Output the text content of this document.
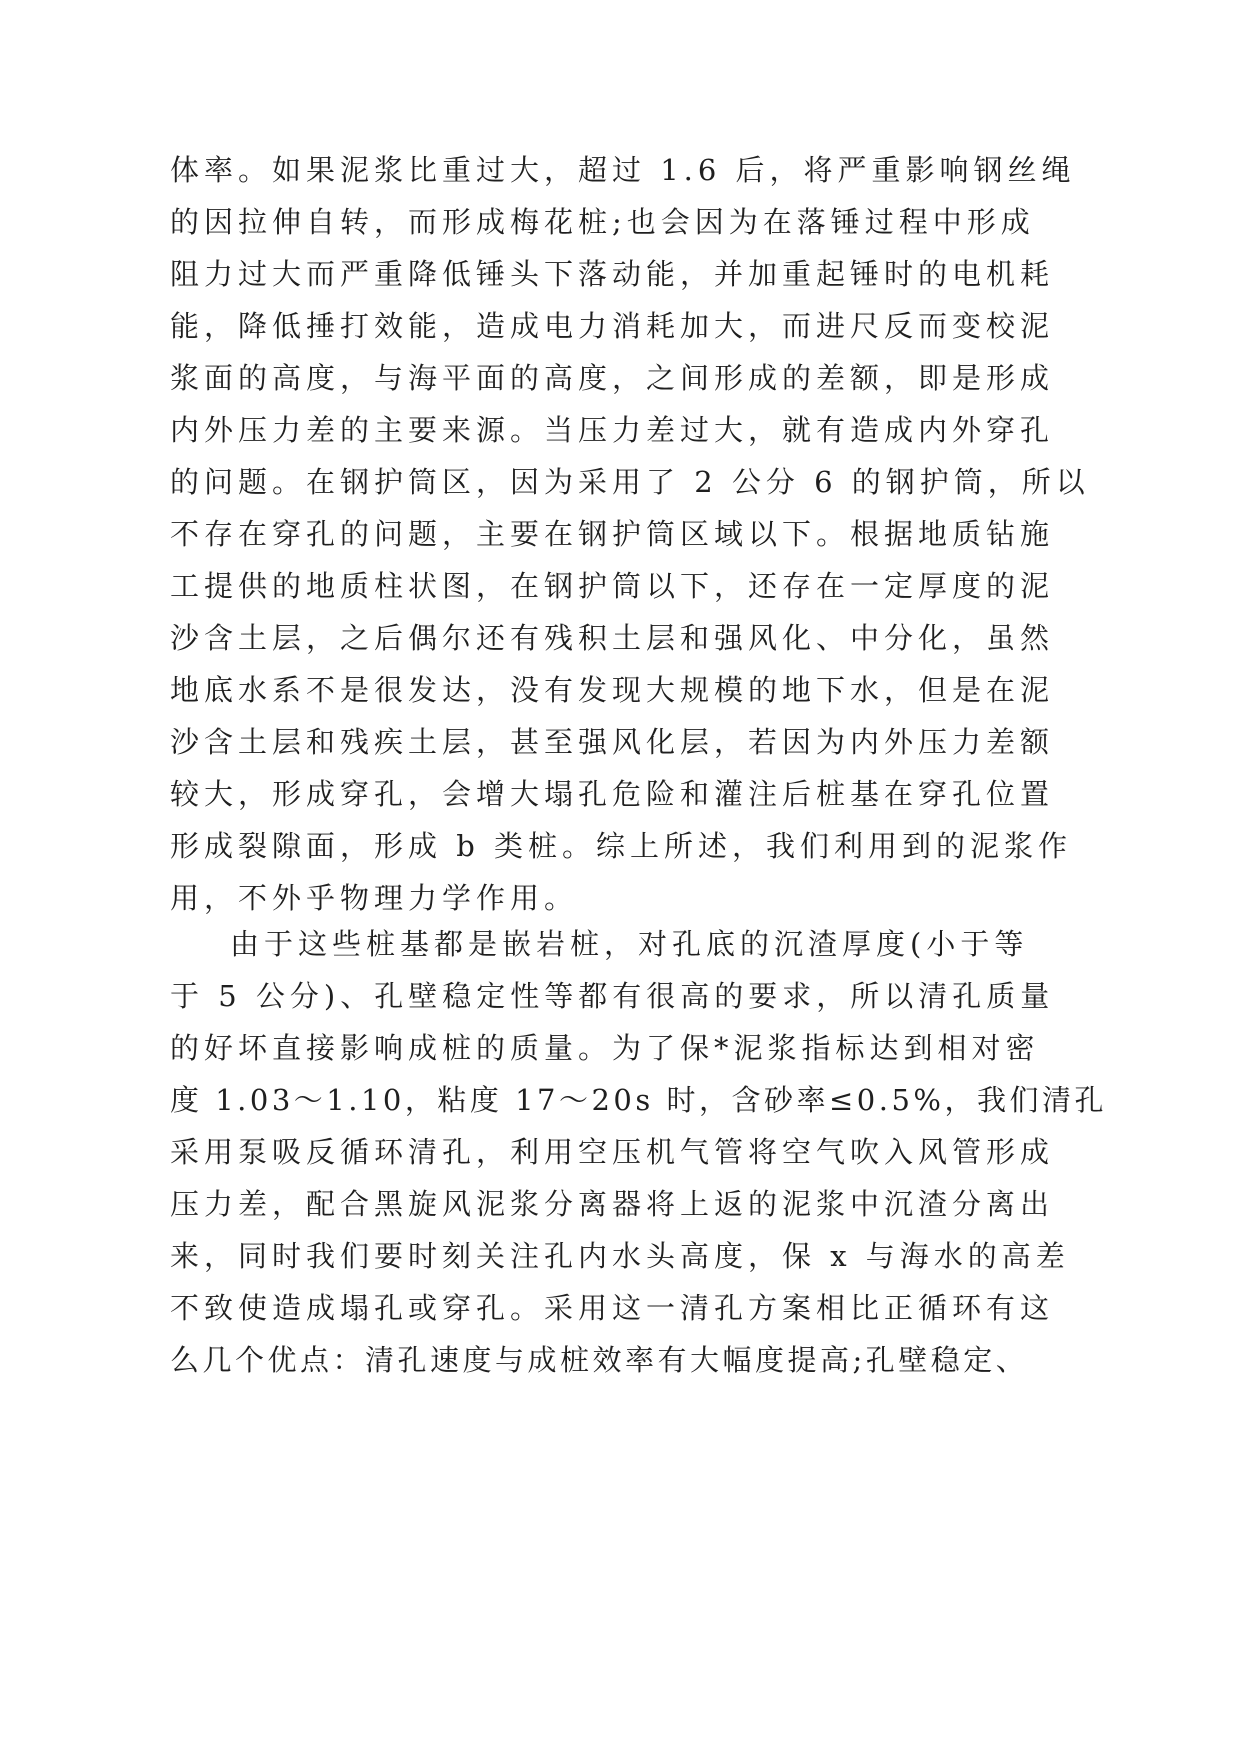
体率。如果泥浆比重过大，超过 1.6 后，将严重影响钢丝绳
的因拉伸自转，而形成梅花桩;也会因为在落锤过程中形成
阻力过大而严重降低锤头下落动能，并加重起锤时的电机耗
能，降低捶打效能，造成电力消耗加大，而进尺反而变校泥
浆面的高度，与海平面的高度，之间形成的差额，即是形成
内外压力差的主要来源。当压力差过大，就有造成内外穿孔
的问题。在钢护筒区，因为采用了 2 公分 6 的钢护筒，所以
不存在穿孔的问题，主要在钢护筒区域以下。根据地质钻施
工提供的地质柱状图，在钢护筒以下，还存在一定厚度的泥
沙含土层，之后偶尔还有残积土层和强风化、中分化，虽然
地底水系不是很发达，没有发现大规模的地下水，但是在泥
沙含土层和残疾土层，甚至强风化层，若因为内外压力差额
较大，形成穿孔，会增大塌孔危险和灌注后桩基在穿孔位置
形成裂隙面，形成 b 类桩。综上所述，我们利用到的泥浆作
用，不外乎物理力学作用。
由于这些桩基都是嵌岩桩，对孔底的沉渣厚度(小于等
于 5 公分)、孔壁稳定性等都有很高的要求，所以清孔质量
的好坏直接影响成桩的质量。为了保*泥浆指标达到相对密
度 1.03～1.10，粘度 17～20s 时，含砂率≤0.5%，我们清孔
采用泵吸反循环清孔，利用空压机气管将空气吹入风管形成
压力差，配合黑旋风泥浆分离器将上返的泥浆中沉渣分离出
来，同时我们要时刻关注孔内水头高度，保 x 与海水的高差
不致使造成塌孔或穿孔。采用这一清孔方案相比正循环有这
么几个优点：清孔速度与成桩效率有大幅度提高;孔壁稳定、
